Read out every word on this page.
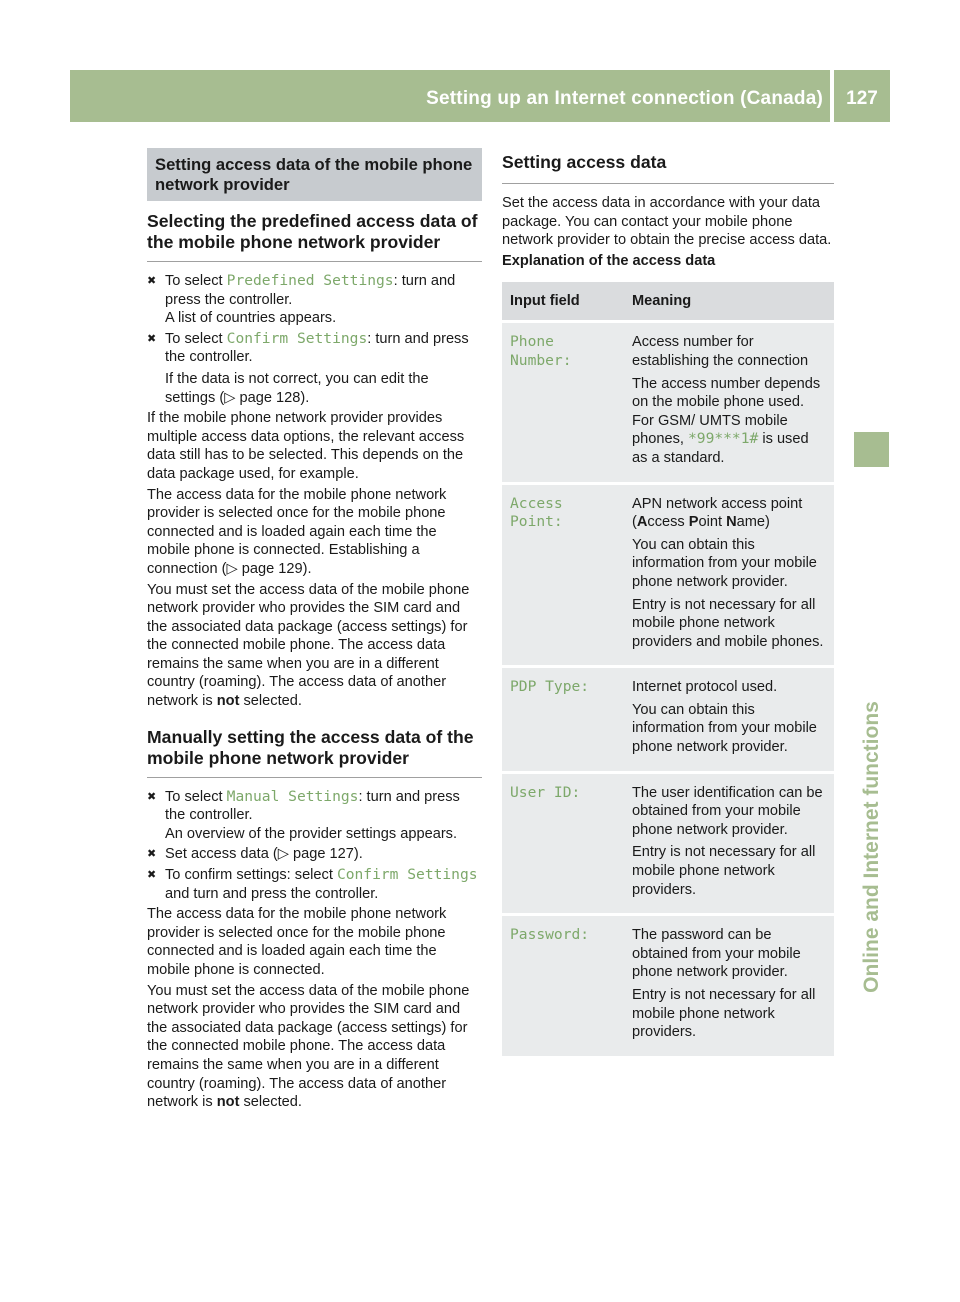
Setting up an Internet connection (Canada)	127
Online and Internet functions
Setting access data of the mobile phone network provider
Selecting the predefined access data of the mobile phone network provider
✖ To select Predefined Settings: turn and press the controller.
A list of countries appears.
✖ To select Confirm Settings: turn and press the controller.

If the data is not correct, you can edit the settings (▷ page 128).

If the mobile phone network provider provides multiple access data options, the relevant access data still has to be selected. This depends on the data package used, for example.

The access data for the mobile phone network provider is selected once for the mobile phone connected and is loaded again each time the mobile phone is connected. Establishing a connection (▷ page 129).

You must set the access data of the mobile phone network provider who provides the SIM card and the associated data package (access settings) for the connected mobile phone. The access data remains the same when you are in a different country (roaming). The access data of another network is not selected.

Manually setting the access data of the mobile phone network provider
✖ To select Manual Settings: turn and press the controller.
An overview of the provider settings appears.
✖ Set access data (▷ page 127).
✖ To confirm settings: select Confirm Settings and turn and press the controller.

The access data for the mobile phone network provider is selected once for the mobile phone connected and is loaded again each time the mobile phone is connected.

You must set the access data of the mobile phone network provider who provides the SIM card and the associated data package (access settings) for the connected mobile phone. The access data remains the same when you are in a different country (roaming). The access data of another network is not selected.

Setting access data

Set the access data in accordance with your data package. You can contact your mobile phone network provider to obtain the precise access data.

Explanation of the access data

Input field	Meaning
Phone Number:	Access number for establishing the connection

The access number depends on the mobile phone used. For GSM/ UMTS mobile phones, *99***1# is used as a standard.

Access Point:	APN network access point (Access Point Name)

You can obtain this information from your mobile phone network provider.

Entry is not necessary for all mobile phone network providers and mobile phones.

PDP Type:	Internet protocol used.

You can obtain this information from your mobile phone network provider.

User ID:	The user identification can be obtained from your mobile phone network provider.

Entry is not necessary for all mobile phone network providers.

Password:	The password can be obtained from your mobile phone network provider.

Entry is not necessary for all mobile phone network providers.
